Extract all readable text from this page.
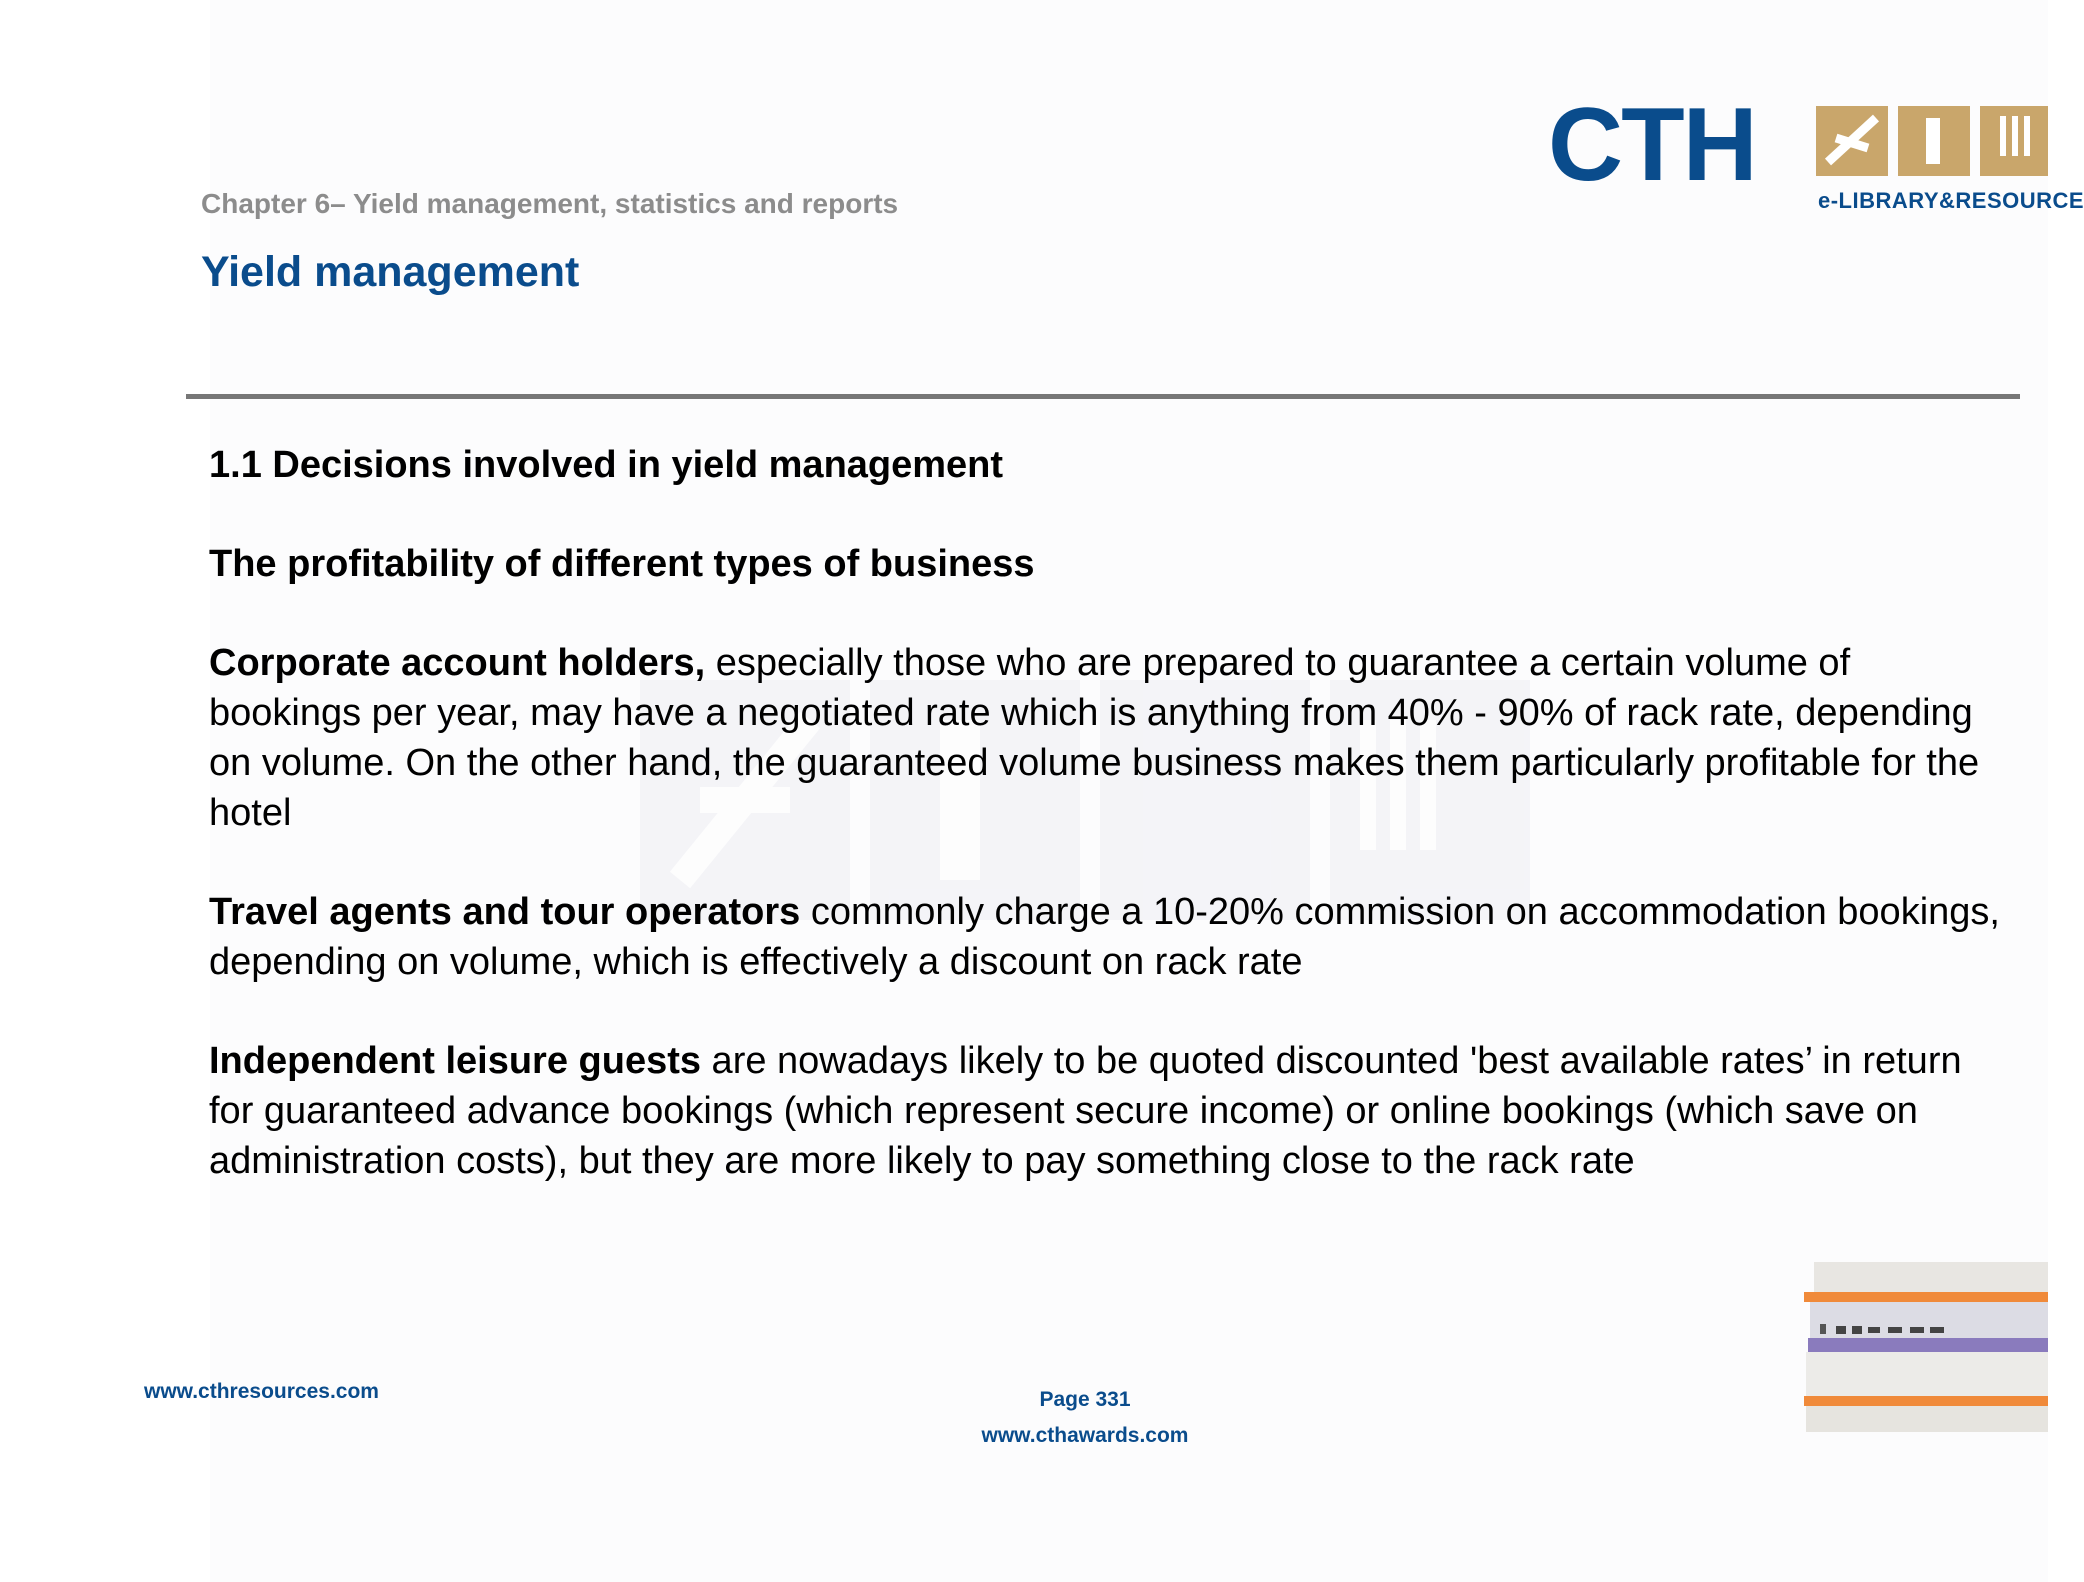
Chapter 6– Yield management, statistics and reports
Yield management
CTH	e-LIBRARY&RESOURCE
1.1 Decisions involved in yield management
The profitability of different types of business

Corporate account holders, especially those who are prepared to guarantee a certain volume of bookings per year, may have a negotiated rate which is anything from 40% - 90% of rack rate, depending on volume. On the other hand, the guaranteed volume business makes them particularly profitable for the hotel

Travel agents and tour operators commonly charge a 10-20% commission on accommodation bookings, depending on volume, which is effectively a discount on rack rate

Independent leisure guests are nowadays likely to be quoted discounted 'best available rates’ in return for guaranteed advance bookings (which represent secure income) or online bookings (which save on administration costs), but they are more likely to pay something close to the rack rate

www.cthresources.com	Page 331
www.cthawards.com
